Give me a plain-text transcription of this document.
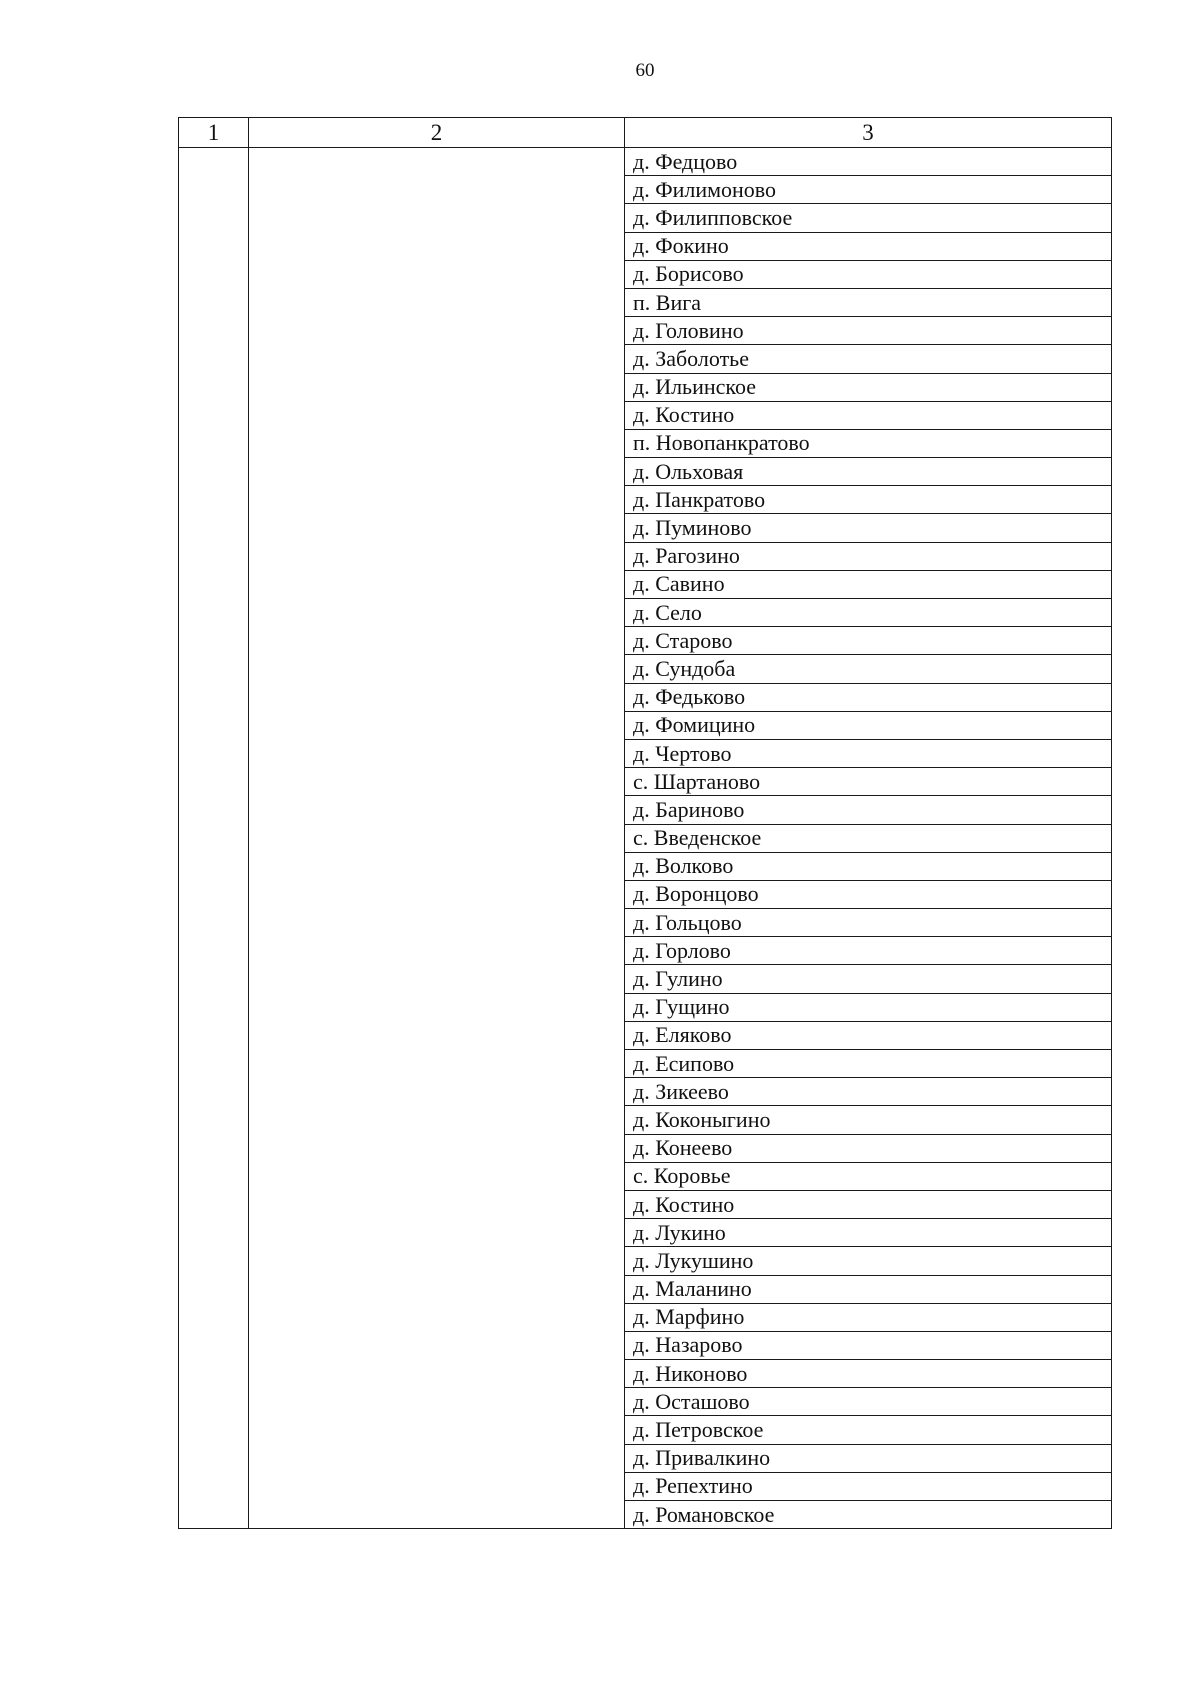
60
1	2	3
		д. Федцово
		д. Филимоново
		д. Филипповское
		д. Фокино
		д. Борисово
		п. Вига
		д. Головино
		д. Заболотье
		д. Ильинское
		д. Костино
		п. Новопанкратово
		д. Ольховая
		д. Панкратово
		д. Пуминово
		д. Рагозино
		д. Савино
		д. Село
		д. Старово
		д. Сундоба
		д. Федьково
		д. Фомицино
		д. Чертово
		с. Шартаново
		д. Бариново
		с. Введенское
		д. Волково
		д. Воронцово
		д. Гольцово
		д. Горлово
		д. Гулино
		д. Гущино
		д. Еляково
		д. Есипово
		д. Зикеево
		д. Коконыгино
		д. Конеево
		с. Коровье
		д. Костино
		д. Лукино
		д. Лукушино
		д. Маланино
		д. Марфино
		д. Назарово
		д. Никоново
		д. Осташово
		д. Петровское
		д. Привалкино
		д. Репехтино
		д. Романовское
